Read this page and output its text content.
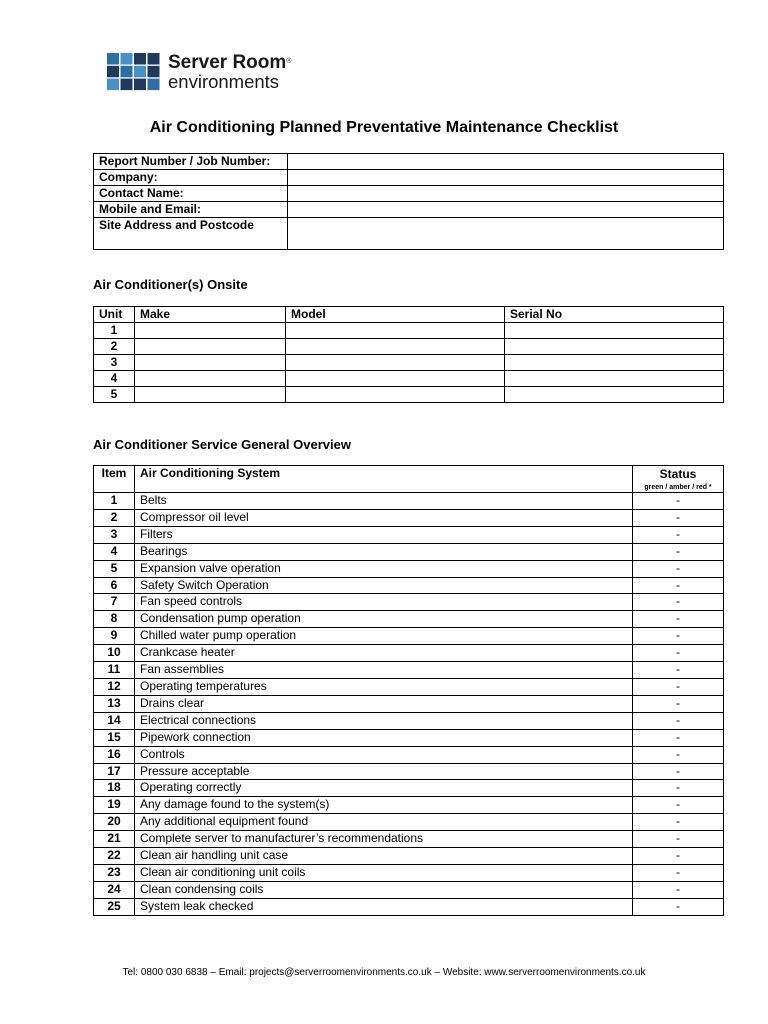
Server Room®
environments
Air Conditioning Planned Preventative Maintenance Checklist
Report Number / Job Number:	
Company:	
Contact Name:	
Mobile and Email:	
Site Address and Postcode	
Air Conditioner(s) Onsite
Unit	Make	Model	Serial No
1			
2			
3			
4			
5			
Air Conditioner Service General Overview
Item	Air Conditioning System	Status
green / amber / red *

1	Belts	-
2	Compressor oil level	-
3	Filters	-
4	Bearings	-
5	Expansion valve operation	-
6	Safety Switch Operation	-
7	Fan speed controls	-
8	Condensation pump operation	-
9	Chilled water pump operation	-
10	Crankcase heater	-
11	Fan assemblies	-
12	Operating temperatures	-
13	Drains clear	-
14	Electrical connections	-
15	Pipework connection	-
16	Controls	-
17	Pressure acceptable	-
18	Operating correctly	-
19	Any damage found to the system(s)	-
20	Any additional equipment found	-
21	Complete server to manufacturer’s recommendations	-
22	Clean air handling unit case	-
23	Clean air conditioning unit coils	-
24	Clean condensing coils	-
25	System leak checked	-
Tel: 0800 030 6838 – Email: projects@serverroomenvironments.co.uk – Website: www.serverroomenvironments.co.uk
